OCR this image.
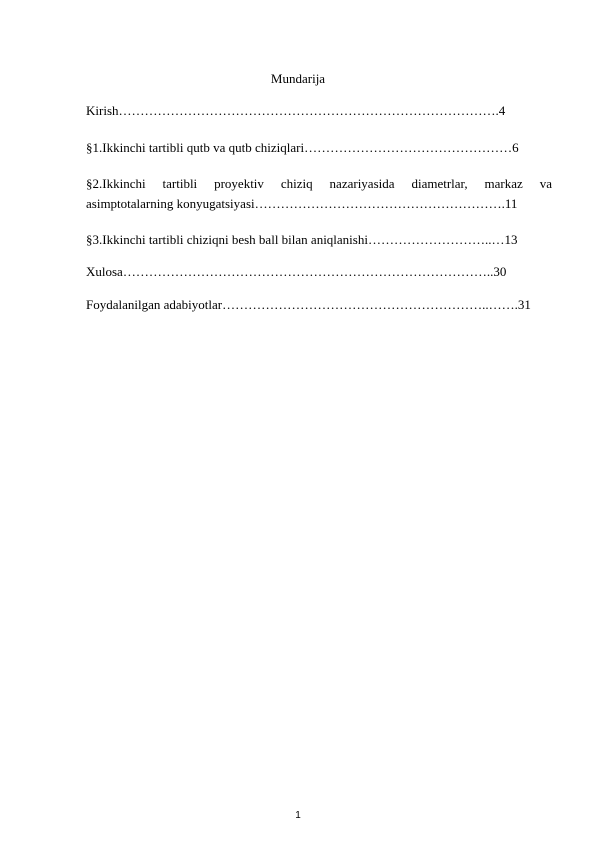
Mundarija
Kirish…………………………………………………………………………….4
§1.Ikkinchi tartibli qutb va qutb chiziqlari…………………………………………6
§2.Ikkinchi tartibli proyektiv chiziq nazariyasida diametrlar, markaz va
asimptotalarning konyugatsiyasi………………………………………………….11
§3.Ikkinchi tartibli chiziqni besh ball bilan aniqlanishi………………………..…13
Xulosa…………………………………………………………………………..30
Foydalanilgan adabiyotlar……………………………………………………..…….31
1
